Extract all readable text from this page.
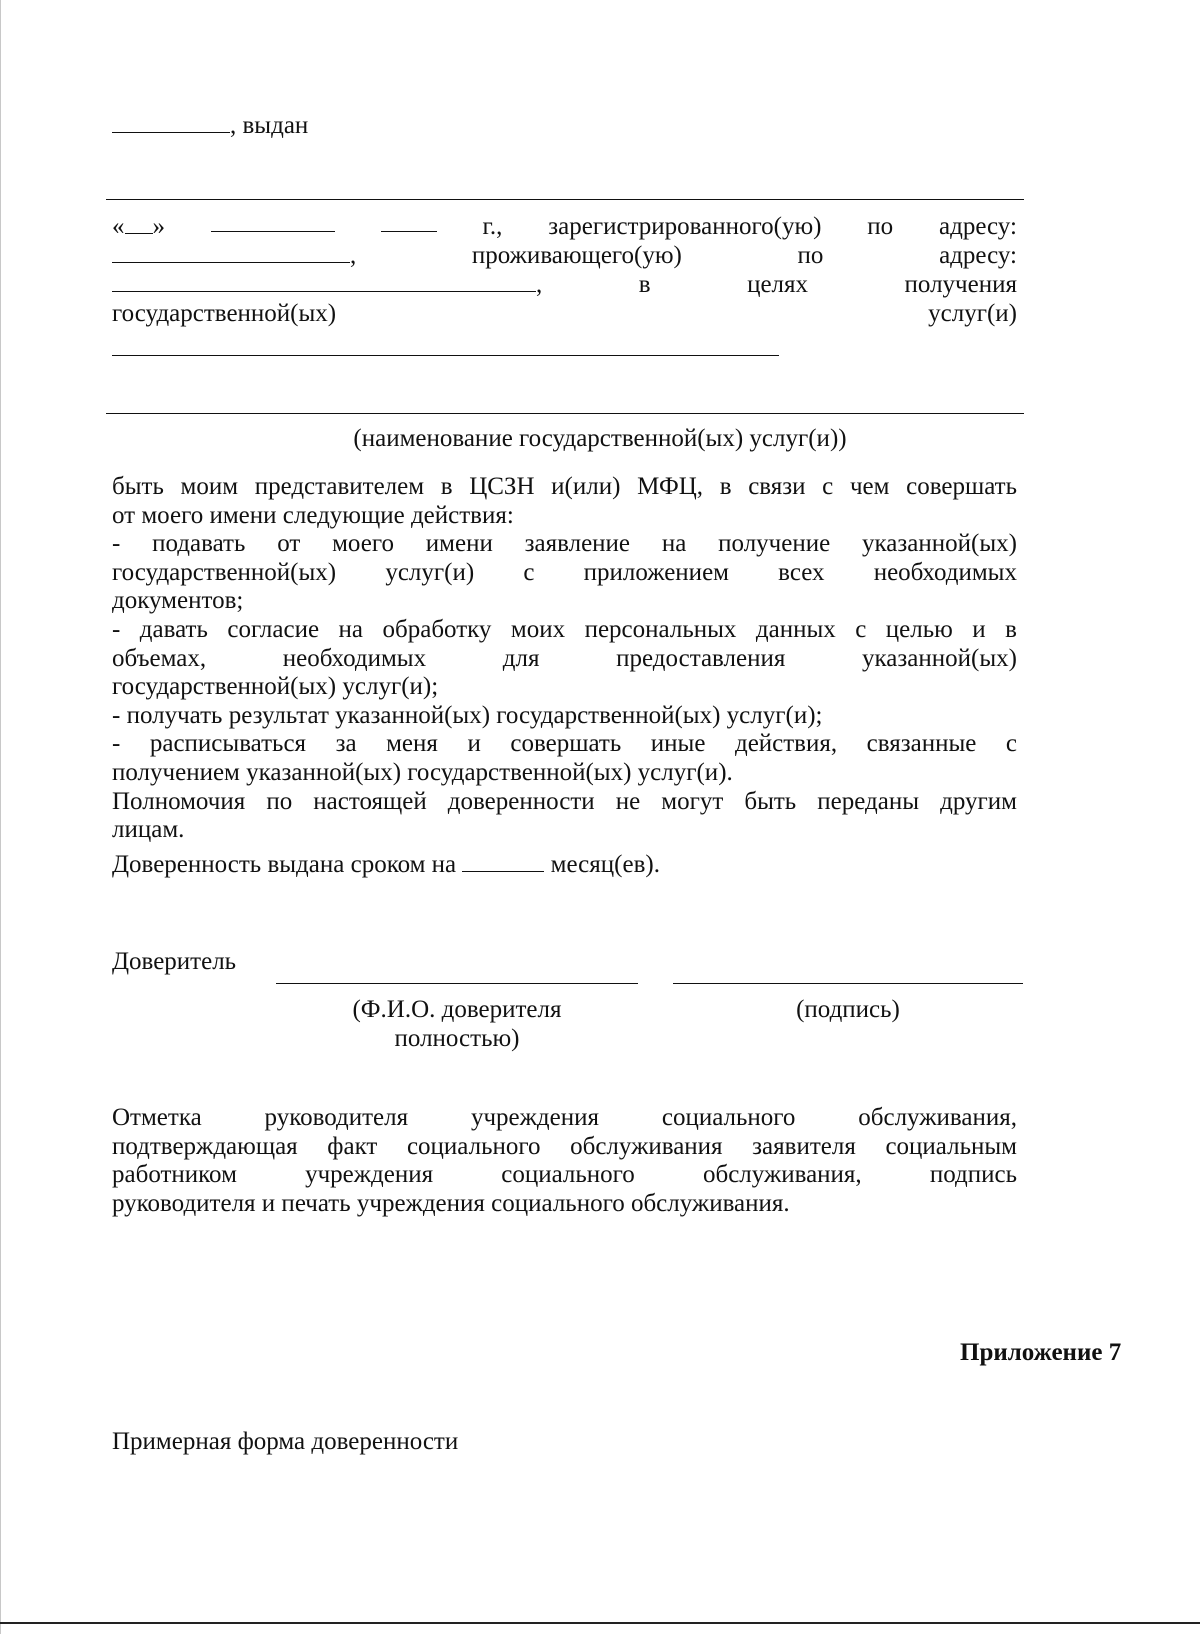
, выдан
« »	г., зарегистрированного(ую) по адресу:
,	проживающего(ую)	по	адресу:
,	в	целях	получения
государственной(ых)	услуг(и)
(наименование государственной(ых) услуг(и))
быть моим представителем в ЦСЗН и(или) МФЦ, в связи с чем совершать
от моего имени следующие действия:
- подавать от моего имени заявление на получение указанной(ых)
государственной(ых) услуг(и) с приложением всех необходимых
документов;
- давать согласие на обработку моих персональных данных с целью и в
объемах,	необходимых	для	предоставления	указанной(ых)
государственной(ых) услуг(и);
- получать результат указанной(ых) государственной(ых) услуг(и);
- расписываться за меня и совершать иные действия, связанные с
получением указанной(ых) государственной(ых) услуг(и).
Полномочия по настоящей доверенности не могут быть переданы другим
лицам.
Доверенность выдана сроком на	месяц(ев).
Доверитель
(Ф.И.О. доверителя
полностью)
(подпись)
Отметка	руководителя	учреждения	социального	обслуживания,
подтверждающая факт социального обслуживания заявителя социальным
работником	учреждения	социального	обслуживания,	подпись
руководителя и печать учреждения социального обслуживания.
Приложение 7
Примерная форма доверенности
